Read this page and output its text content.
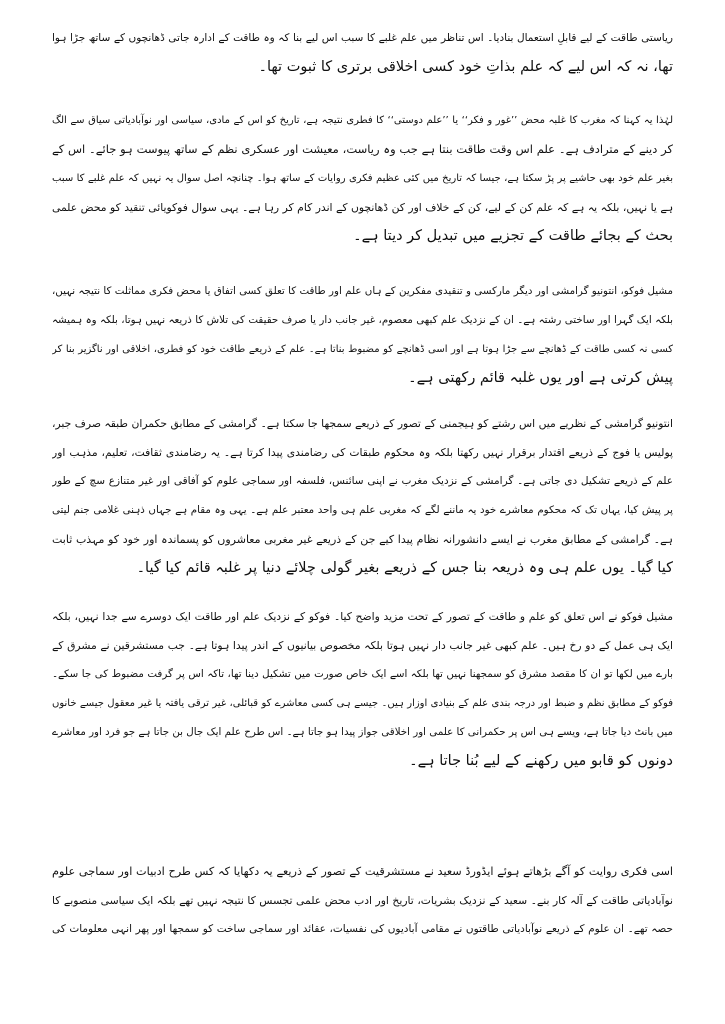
ریاستی طاقت کے لیے قابلِ استعمال بنادیا۔ اس تناظر میں علم غلبے کا سبب اس لیے بنا کہ وہ طاقت کے ادارہ جاتی ڈھانچوں کے ساتھ جڑا ہوا
تھا، نہ کہ اس لیے کہ علم بذاتِ خود کسی اخلاقی برتری کا ثبوت تھا۔
لہٰذا یہ کہنا کہ مغرب کا غلبہ محض ’’غور و فکر‘‘ یا ’’علم دوستی‘‘ کا فطری نتیجہ ہے، تاریخ کو اس کے مادی، سیاسی اور نوآبادیاتی سیاق سے الگ
کر دینے کے مترادف ہے۔ علم اس وقت طاقت بنتا ہے جب وہ ریاست، معیشت اور عسکری نظم کے ساتھ پیوست ہو جائے۔ اس کے
بغیر علم خود بھی حاشیے پر پڑ سکتا ہے، جیسا کہ تاریخ میں کئی عظیم فکری روایات کے ساتھ ہوا۔ چنانچہ اصل سوال یہ نہیں کہ علم غلبے کا سبب
ہے یا نہیں، بلکہ یہ ہے کہ علم کن کے لیے، کن کے خلاف اور کن ڈھانچوں کے اندر کام کر رہا ہے۔ یہی سوال فوکویائی تنقید کو محض علمی
بحث کے بجائے طاقت کے تجزیے میں تبدیل کر دیتا ہے۔
مشیل فوکو، انتونیو گرامشی اور دیگر مارکسی و تنقیدی مفکرین کے ہاں علم اور طاقت کا تعلق کسی اتفاق یا محض فکری مماثلت کا نتیجہ نہیں،
بلکہ ایک گہرا اور ساختی رشتہ ہے۔ ان کے نزدیک علم کبھی معصوم، غیر جانب دار یا صرف حقیقت کی تلاش کا ذریعہ نہیں ہوتا، بلکہ وہ ہمیشہ
کسی نہ کسی طاقت کے ڈھانچے سے جڑا ہوتا ہے اور اسی ڈھانچے کو مضبوط بناتا ہے۔ علم کے ذریعے طاقت خود کو فطری، اخلاقی اور ناگزیر بنا کر
پیش کرتی ہے اور یوں غلبہ قائم رکھتی ہے۔
انتونیو گرامشی کے نظریے میں اس رشتے کو ہیجمنی کے تصور کے ذریعے سمجھا جا سکتا ہے۔ گرامشی کے مطابق حکمران طبقہ صرف جبر،
پولیس یا فوج کے ذریعے اقتدار برقرار نہیں رکھتا بلکہ وہ محکوم طبقات کی رضامندی پیدا کرتا ہے۔ یہ رضامندی ثقافت، تعلیم، مذہب اور
علم کے ذریعے تشکیل دی جاتی ہے۔ گرامشی کے نزدیک مغرب نے اپنی سائنس، فلسفہ اور سماجی علوم کو آفاقی اور غیر متنازع سچ کے طور
پر پیش کیا، یہاں تک کہ محکوم معاشرے خود یہ ماننے لگے کہ مغربی علم ہی واحد معتبر علم ہے۔ یہی وہ مقام ہے جہاں ذہنی غلامی جنم لیتی
ہے۔ گرامشی کے مطابق مغرب نے ایسے دانشورانہ نظام پیدا کیے جن کے ذریعے غیر مغربی معاشروں کو پسماندہ اور خود کو مہذب ثابت
کیا گیا۔ یوں علم ہی وہ ذریعہ بنا جس کے ذریعے بغیر گولی چلائے دنیا پر غلبہ قائم کیا گیا۔
مشیل فوکو نے اس تعلق کو علم و طاقت کے تصور کے تحت مزید واضح کیا۔ فوکو کے نزدیک علم اور طاقت ایک دوسرے سے جدا نہیں، بلکہ
ایک ہی عمل کے دو رخ ہیں۔ علم کبھی غیر جانب دار نہیں ہوتا بلکہ مخصوص بیانیوں کے اندر پیدا ہوتا ہے۔ جب مستشرقین نے مشرق کے
بارے میں لکھا تو ان کا مقصد مشرق کو سمجھنا نہیں تھا بلکہ اسے ایک خاص صورت میں تشکیل دینا تھا، تاکہ اس پر گرفت مضبوط کی جا سکے۔
فوکو کے مطابق نظم و ضبط اور درجہ بندی علم کے بنیادی اوزار ہیں۔ جیسے ہی کسی معاشرے کو قبائلی، غیر ترقی یافتہ یا غیر معقول جیسے خانوں
میں بانٹ دیا جاتا ہے، ویسے ہی اس پر حکمرانی کا علمی اور اخلاقی جواز پیدا ہو جاتا ہے۔ اس طرح علم ایک جال بن جاتا ہے جو فرد اور معاشرے
دونوں کو قابو میں رکھنے کے لیے بُنا جاتا ہے۔
اسی فکری روایت کو آگے بڑھاتے ہوئے ایڈورڈ سعید نے مستشرقیت کے تصور کے ذریعے یہ دکھایا کہ کس طرح ادبیات اور سماجی علوم
نوآبادیاتی طاقت کے آلہ کار بنے۔ سعید کے نزدیک بشریات، تاریخ اور ادب محض علمی تجسس کا نتیجہ نہیں تھے بلکہ ایک سیاسی منصوبے کا
حصہ تھے۔ ان علوم کے ذریعے نوآبادیاتی طاقتوں نے مقامی آبادیوں کی نفسیات، عقائد اور سماجی ساخت کو سمجھا اور پھر انہی معلومات کی
